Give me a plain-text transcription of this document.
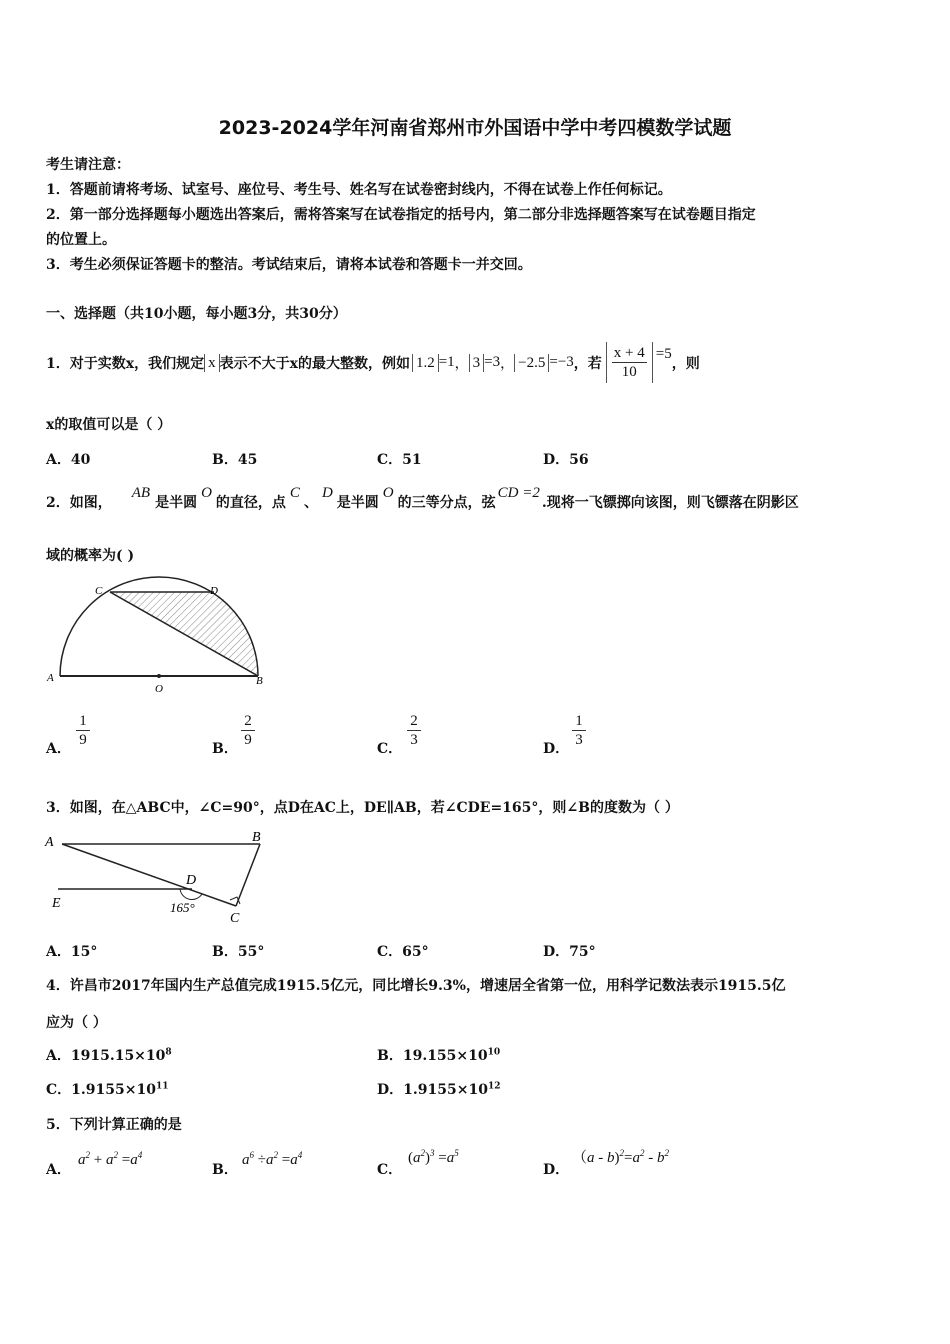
2023-2024学年河南省郑州市外国语中学中考四模数学试题
考生请注意：
1．答题前请将考场、试室号、座位号、考生号、姓名写在试卷密封线内，不得在试卷上作任何标记。
2．第一部分选择题每小题选出答案后，需将答案写在试卷指定的括号内，第二部分非选择题答案写在试卷题目指定
的位置上。
3．考生必须保证答题卡的整洁。考试结束后，请将本试卷和答题卡一并交回。
一、选择题（共10小题，每小题3分，共30分）
1．对于实数x，我们规定 x 表示不大于x的最大整数，例如 1.2 =1 ， 3 =3 ， −2.5 =−3 ，若 $\frac{x + 4}{10} =5$
，则
x的取值可以是（ ）
A．40	B．45	C．51	D．56
2．如图，
AB
是半圆
O
的直径，点
C
、
D
是半圆
O
的三等分点，弦
CD =2
.现将一飞镖掷向该图，则飞镖落在阴影区
域的概率为( )
A	B
C	D
O
A．
1
9
B．
2
9
C．
2
3
D．
1
3
3．如图，在△ABC中，∠C=90°，点D在AC上，DE∥AB，若∠CDE=165°，则∠B的度数为（ ）
A	B
C
D
E	165°
A．15°	B．55°	C．65°	D．75°
4．许昌市2017年国内生产总值完成1915.5亿元，同比增长9.3%，增速居全省第一位，用科学记数法表示1915.5亿
应为（ ）
A．$1915.15\times 10^8$	B．$19.155\times 10^{10}$
C．$1.9155\times 10^{11}$	D．$1.9155\times 10^{12}$
5．下列计算正确的是
A．
$a^2 + a^2 =a^4$
B．
$a^6 \div a^2 =a^4$
C．
$(a^2)^3 =a^5$
D．
$(a - b)^2=a^2 - b^2$
